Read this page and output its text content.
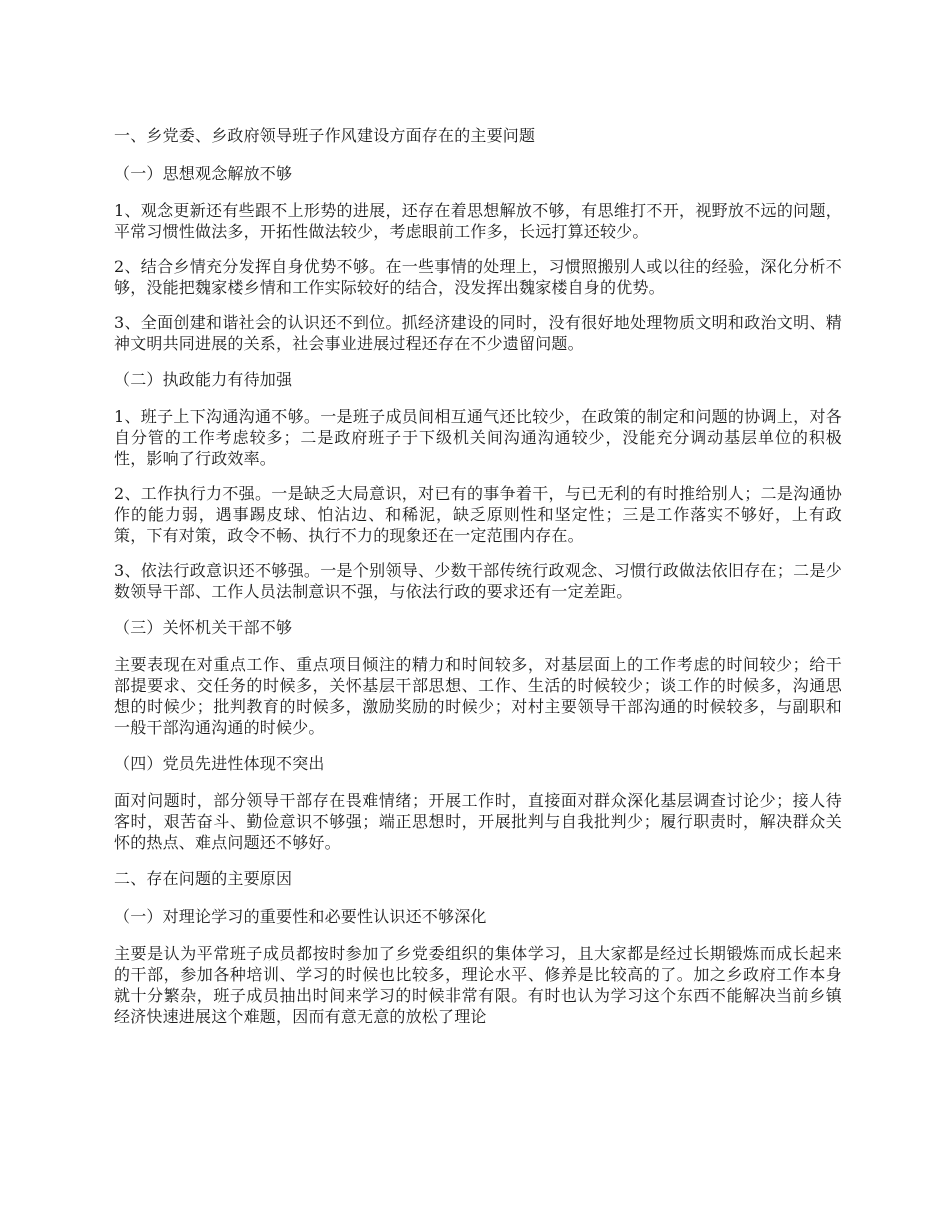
一、乡党委、乡政府领导班子作风建设方面存在的主要问题
（一）思想观念解放不够
1、观念更新还有些跟不上形势的进展，还存在着思想解放不够，有思维打不开，视野放不远的问题，平常习惯性做法多，开拓性做法较少，考虑眼前工作多，长远打算还较少。
2、结合乡情充分发挥自身优势不够。在一些事情的处理上，习惯照搬别人或以往的经验，深化分析不够，没能把魏家楼乡情和工作实际较好的结合，没发挥出魏家楼自身的优势。
3、全面创建和谐社会的认识还不到位。抓经济建设的同时，没有很好地处理物质文明和政治文明、精神文明共同进展的关系，社会事业进展过程还存在不少遗留问题。
（二）执政能力有待加强
1、班子上下沟通沟通不够。一是班子成员间相互通气还比较少，在政策的制定和问题的协调上，对各自分管的工作考虑较多；二是政府班子于下级机关间沟通沟通较少，没能充分调动基层单位的积极性，影响了行政效率。
2、工作执行力不强。一是缺乏大局意识，对已有的事争着干，与已无利的有时推给别人；二是沟通协作的能力弱，遇事踢皮球、怕沾边、和稀泥，缺乏原则性和坚定性；三是工作落实不够好，上有政策，下有对策，政令不畅、执行不力的现象还在一定范围内存在。
3、依法行政意识还不够强。一是个别领导、少数干部传统行政观念、习惯行政做法依旧存在；二是少数领导干部、工作人员法制意识不强，与依法行政的要求还有一定差距。
（三）关怀机关干部不够
主要表现在对重点工作、重点项目倾注的精力和时间较多，对基层面上的工作考虑的时间较少；给干部提要求、交任务的时候多，关怀基层干部思想、工作、生活的时候较少；谈工作的时候多，沟通思想的时候少；批判教育的时候多，激励奖励的时候少；对村主要领导干部沟通的时候较多，与副职和一般干部沟通沟通的时候少。
（四）党员先进性体现不突出
面对问题时，部分领导干部存在畏难情绪；开展工作时，直接面对群众深化基层调查讨论少；接人待客时，艰苦奋斗、勤俭意识不够强；端正思想时，开展批判与自我批判少；履行职责时，解决群众关怀的热点、难点问题还不够好。
二、存在问题的主要原因
（一）对理论学习的重要性和必要性认识还不够深化
主要是认为平常班子成员都按时参加了乡党委组织的集体学习，且大家都是经过长期锻炼而成长起来的干部，参加各种培训、学习的时候也比较多，理论水平、修养是比较高的了。加之乡政府工作本身就十分繁杂，班子成员抽出时间来学习的时候非常有限。有时也认为学习这个东西不能解决当前乡镇经济快速进展这个难题，因而有意无意的放松了理论
